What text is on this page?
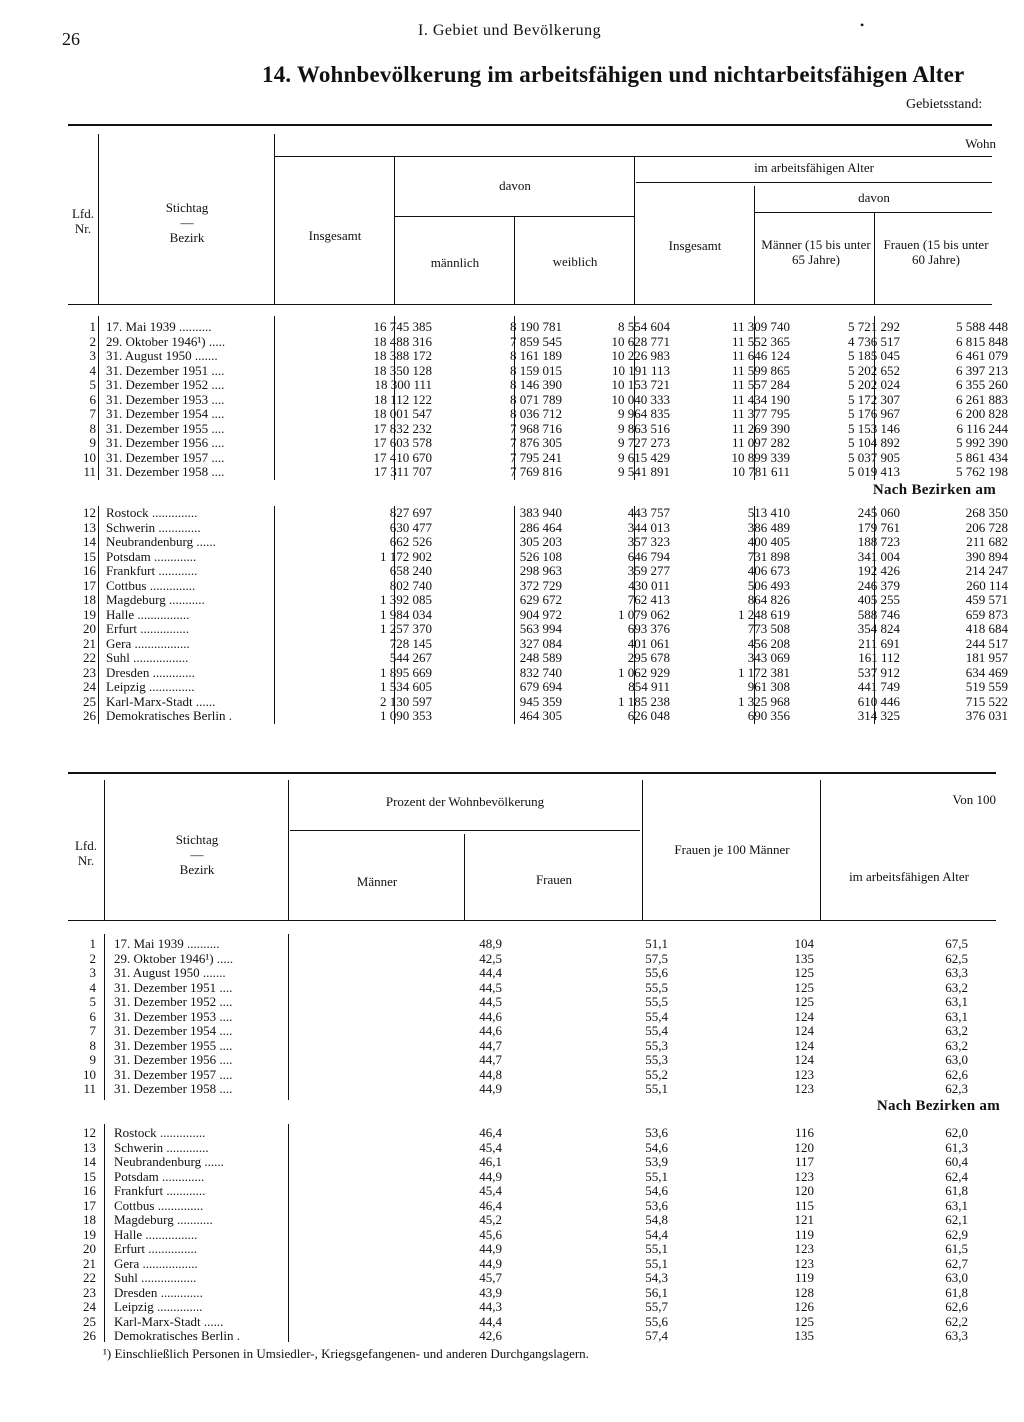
26	I. Gebiet und Bevölkerung	•
14. Wohnbevölkerung im arbeitsfähigen und nichtarbeitsfähigen Alter
Gebietsstand:
Lfd.
Nr.
Stichtag
—
Bezirk
Wohn
Insgesamt
davon
männlich	weiblich
im arbeitsfähigen Alter
Insgesamt
davon
Männer (15 bis unter 65 Jahre)
Frauen (15 bis unter 60 Jahre)
Nach Bezirken am
1 17. Mai 1939 ..........	16 745 385	8 190 781	8 554 604	11 309 740	5 721 292	5 588 448
2 29. Oktober 1946¹) .....	18 488 316	7 859 545	10 628 771	11 552 365	4 736 517	6 815 848
3 31. August 1950 .......	18 388 172	8 161 189	10 226 983	11 646 124	5 185 045	6 461 079
4 31. Dezember 1951 ....	18 350 128	8 159 015	10 191 113	11 599 865	5 202 652	6 397 213
5 31. Dezember 1952 ....	18 300 111	8 146 390	10 153 721	11 557 284	5 202 024	6 355 260
6 31. Dezember 1953 ....	18 112 122	8 071 789	10 040 333	11 434 190	5 172 307	6 261 883
7 31. Dezember 1954 ....	18 001 547	8 036 712	9 964 835	11 377 795	5 176 967	6 200 828
8 31. Dezember 1955 ....	17 832 232	7 968 716	9 863 516	11 269 390	5 153 146	6 116 244
9 31. Dezember 1956 ....	17 603 578	7 876 305	9 727 273	11 097 282	5 104 892	5 992 390
10 31. Dezember 1957 ....	17 410 670	7 795 241	9 615 429	10 899 339	5 037 905	5 861 434
11 31. Dezember 1958 ....	17 311 707	7 769 816	9 541 891	10 781 611	5 019 413	5 762 198
12 Rostock ..............	827 697	383 940	443 757	513 410	245 060	268 350
13 Schwerin .............	630 477	286 464	344 013	386 489	179 761	206 728
14 Neubrandenburg ......	662 526	305 203	357 323	400 405	188 723	211 682
15 Potsdam .............	1 172 902	526 108	646 794	731 898	341 004	390 894
16 Frankfurt ............	658 240	298 963	359 277	406 673	192 426	214 247
17 Cottbus ..............	802 740	372 729	430 011	506 493	246 379	260 114
18 Magdeburg ...........	1 392 085	629 672	762 413	864 826	405 255	459 571
19 Halle ................	1 984 034	904 972	1 079 062	1 248 619	588 746	659 873
20 Erfurt ...............	1 257 370	563 994	693 376	773 508	354 824	418 684
21 Gera .................	728 145	327 084	401 061	456 208	211 691	244 517
22 Suhl .................	544 267	248 589	295 678	343 069	161 112	181 957
23 Dresden .............	1 895 669	832 740	1 062 929	1 172 381	537 912	634 469
24 Leipzig ..............	1 534 605	679 694	854 911	961 308	441 749	519 559
25 Karl-Marx-Stadt ......	2 130 597	945 359	1 185 238	1 325 968	610 446	715 522
26 Demokratisches Berlin .	1 090 353	464 305	626 048	690 356	314 325	376 031
Lfd.
Nr.
Stichtag
—
Bezirk
Prozent der Wohnbevölkerung
Männer	Frauen
Frauen je 100 Männer
Von 100
im arbeitsfähigen Alter
Nach Bezirken am
1 17. Mai 1939 ..........	48,9	51,1	104	67,5
2 29. Oktober 1946¹) .....	42,5	57,5	135	62,5
3 31. August 1950 .......	44,4	55,6	125	63,3
4 31. Dezember 1951 ....	44,5	55,5	125	63,2
5 31. Dezember 1952 ....	44,5	55,5	125	63,1
6 31. Dezember 1953 ....	44,6	55,4	124	63,1
7 31. Dezember 1954 ....	44,6	55,4	124	63,2
8 31. Dezember 1955 ....	44,7	55,3	124	63,2
9 31. Dezember 1956 ....	44,7	55,3	124	63,0
10 31. Dezember 1957 ....	44,8	55,2	123	62,6
11 31. Dezember 1958 ....	44,9	55,1	123	62,3
12 Rostock ..............	46,4	53,6	116	62,0
13 Schwerin .............	45,4	54,6	120	61,3
14 Neubrandenburg ......	46,1	53,9	117	60,4
15 Potsdam .............	44,9	55,1	123	62,4
16 Frankfurt ............	45,4	54,6	120	61,8
17 Cottbus ..............	46,4	53,6	115	63,1
18 Magdeburg ...........	45,2	54,8	121	62,1
19 Halle ................	45,6	54,4	119	62,9
20 Erfurt ...............	44,9	55,1	123	61,5
21 Gera .................	44,9	55,1	123	62,7
22 Suhl .................	45,7	54,3	119	63,0
23 Dresden .............	43,9	56,1	128	61,8
24 Leipzig ..............	44,3	55,7	126	62,6
25 Karl-Marx-Stadt ......	44,4	55,6	125	62,2
26 Demokratisches Berlin .	42,6	57,4	135	63,3
¹) Einschließlich Personen in Umsiedler-, Kriegsgefangenen- und anderen Durchgangslagern.
